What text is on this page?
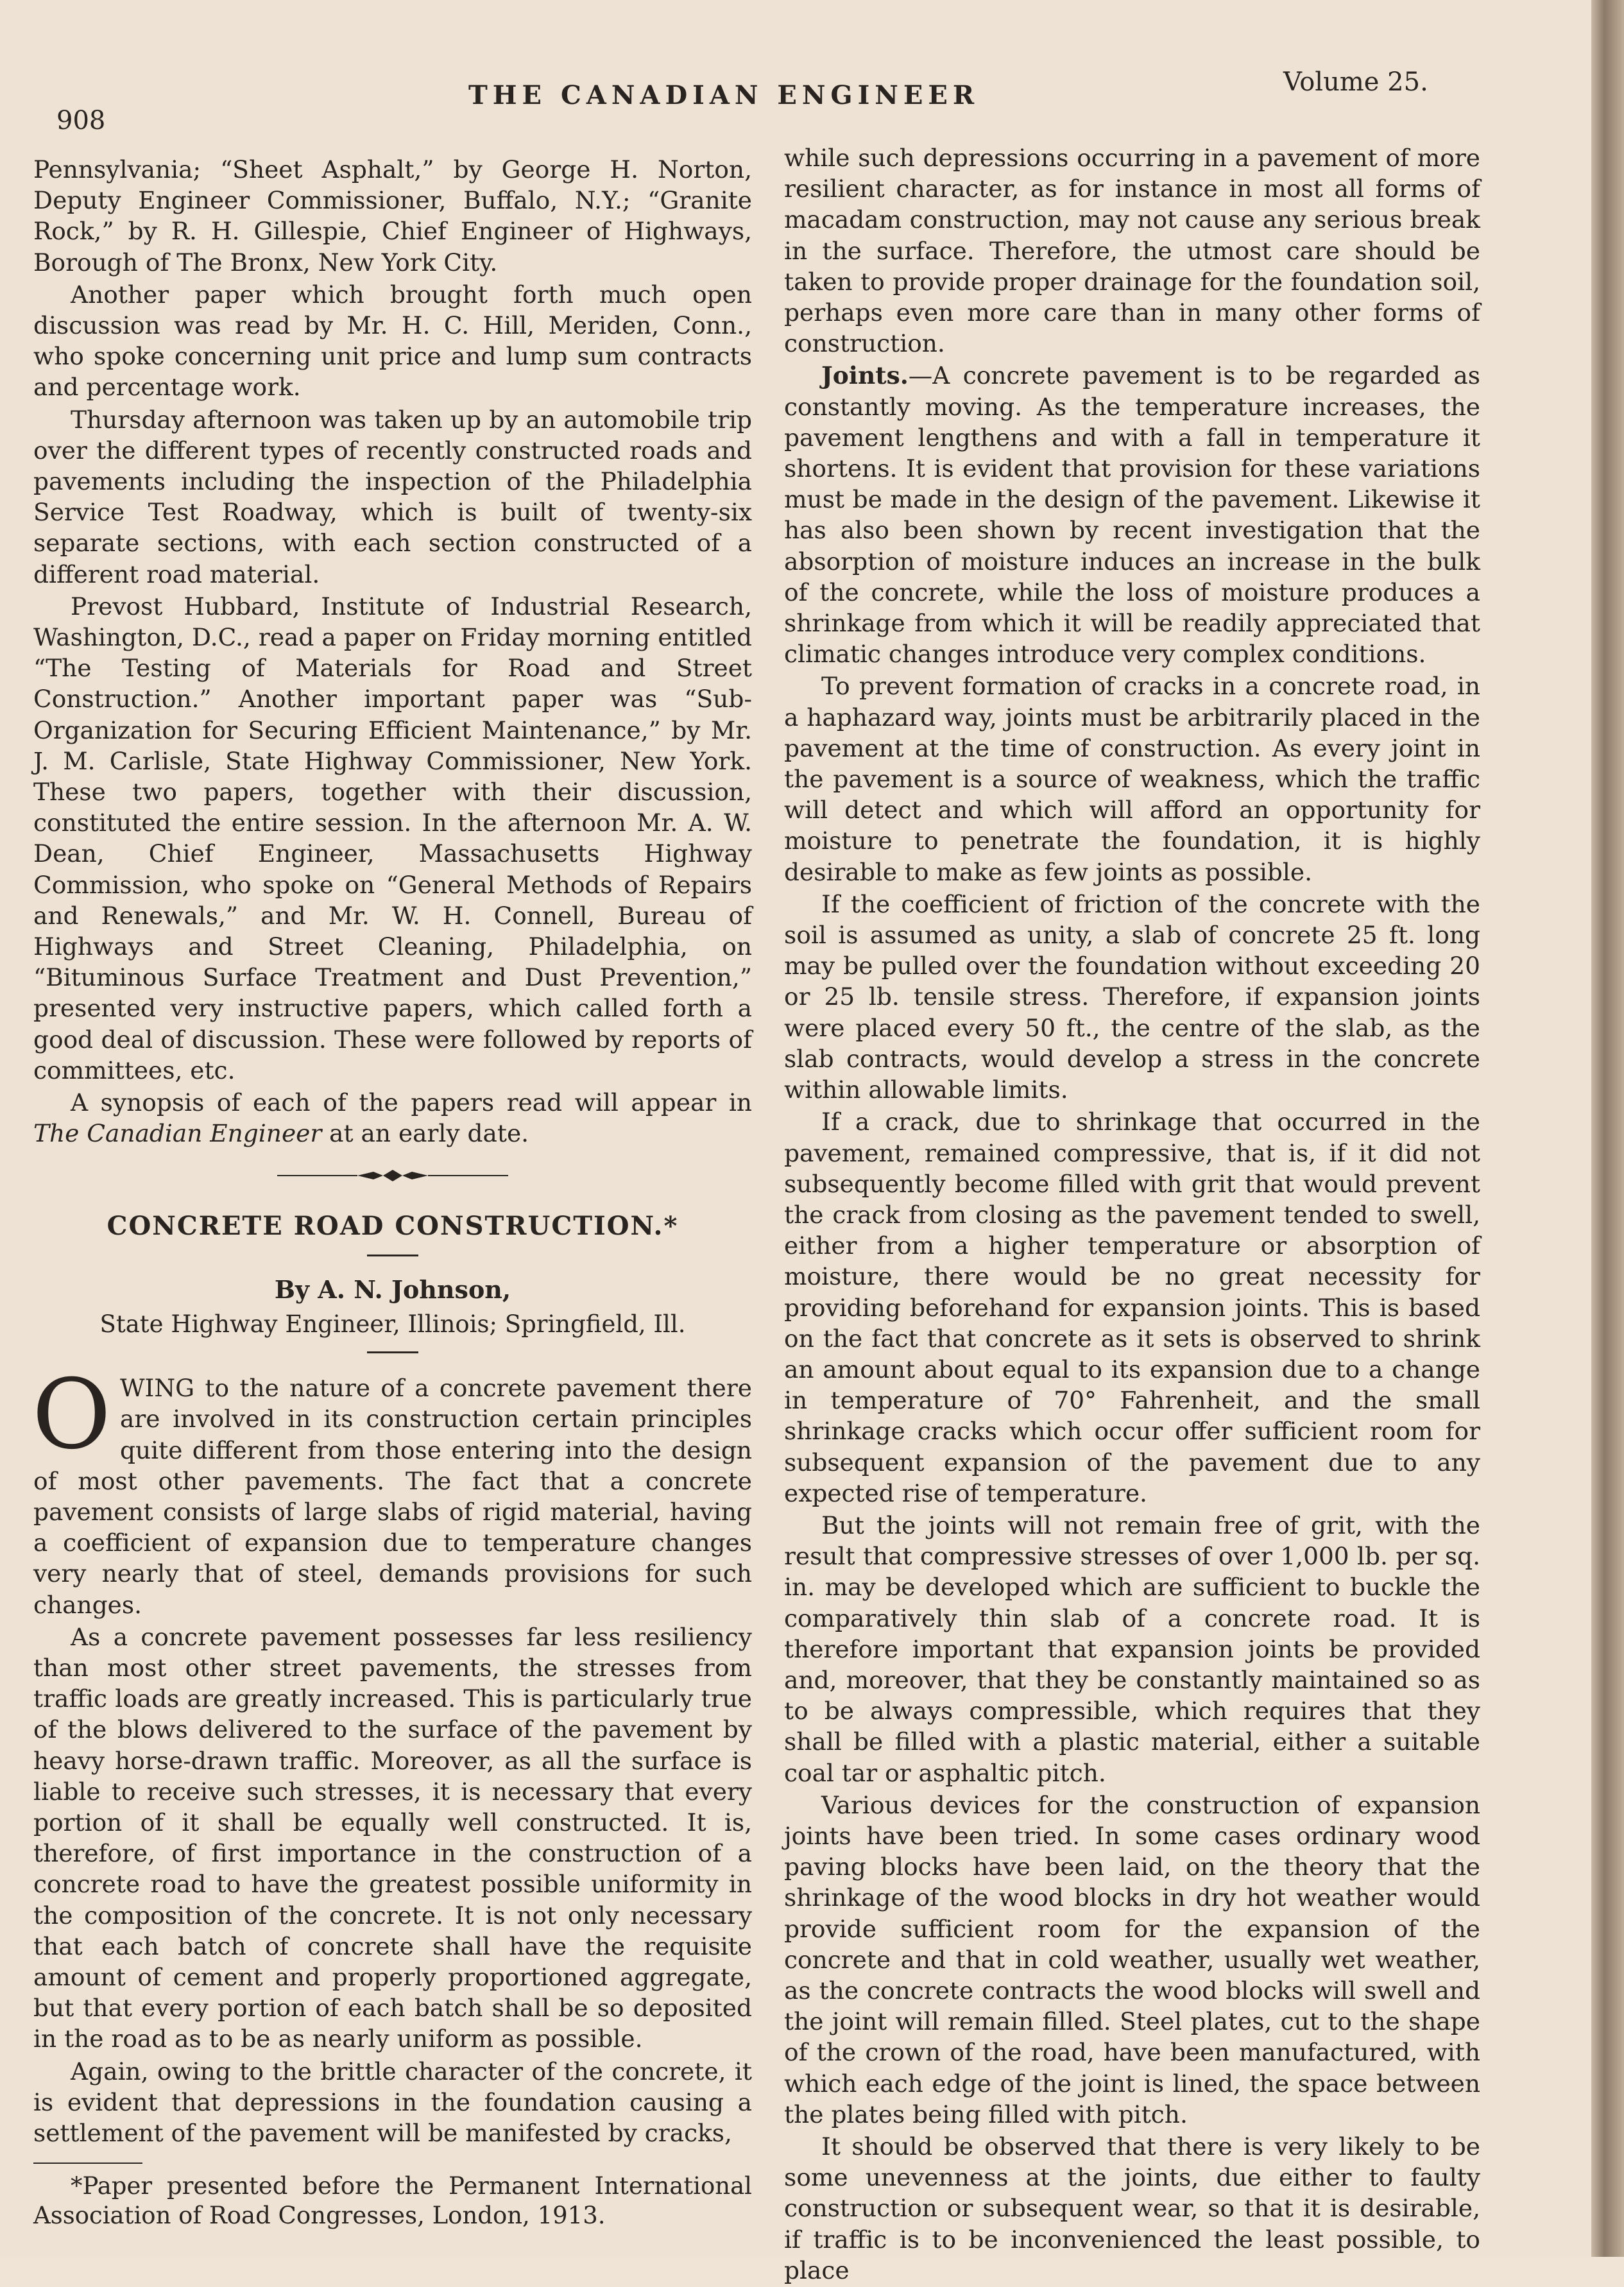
908
THE CANADIAN ENGINEER	Volume 25.

Pennsylvania; “Sheet Asphalt,” by George H. Norton, Deputy Engineer Commissioner, Buffalo, N.Y.; “Granite Rock,” by R. H. Gillespie, Chief Engineer of Highways, Borough of The Bronx, New York City.

Another paper which brought forth much open discussion was read by Mr. H. C. Hill, Meriden, Conn., who spoke concerning unit price and lump sum contracts and percentage work.

Thursday afternoon was taken up by an automobile trip over the different types of recently constructed roads and pavements including the inspection of the Philadelphia Service Test Roadway, which is built of twenty-six separate sections, with each section constructed of a different road material.

Prevost Hubbard, Institute of Industrial Research, Washington, D.C., read a paper on Friday morning entitled “The Testing of Materials for Road and Street Construction.” Another important paper was “Sub-Organization for Securing Efficient Maintenance,” by Mr. J. M. Carlisle, State Highway Commissioner, New York. These two papers, together with their discussion, constituted the entire session. In the afternoon Mr. A. W. Dean, Chief Engineer, Massachusetts Highway Commission, who spoke on “General Methods of Repairs and Renewals,” and Mr. W. H. Connell, Bureau of Highways and Street Cleaning, Philadelphia, on “Bituminous Surface Treatment and Dust Prevention,” presented very instructive papers, which called forth a good deal of discussion. These were followed by reports of committees, etc.

A synopsis of each of the papers read will appear in The Canadian Engineer at an early date.

CONCRETE ROAD CONSTRUCTION.*
By A. N. Johnson,
State Highway Engineer, Illinois; Springfield, Ill.

OWING to the nature of a concrete pavement there are involved in its construction certain principles quite different from those entering into the design of most other pavements. The fact that a concrete pavement consists of large slabs of rigid material, having a coefficient of expansion due to temperature changes very nearly that of steel, demands provisions for such changes.

As a concrete pavement possesses far less resiliency than most other street pavements, the stresses from traffic loads are greatly increased. This is particularly true of the blows delivered to the surface of the pavement by heavy horse-drawn traffic. Moreover, as all the surface is liable to receive such stresses, it is necessary that every portion of it shall be equally well constructed. It is, therefore, of first importance in the construction of a concrete road to have the greatest possible uniformity in the composition of the concrete. It is not only necessary that each batch of concrete shall have the requisite amount of cement and properly proportioned aggregate, but that every portion of each batch shall be so deposited in the road as to be as nearly uniform as possible.

Again, owing to the brittle character of the concrete, it is evident that depressions in the foundation causing a settlement of the pavement will be manifested by cracks,

*Paper presented before the Permanent International Association of Road Congresses, London, 1913.

while such depressions occurring in a pavement of more resilient character, as for instance in most all forms of macadam construction, may not cause any serious break in the surface. Therefore, the utmost care should be taken to provide proper drainage for the foundation soil, perhaps even more care than in many other forms of construction.

Joints.—A concrete pavement is to be regarded as constantly moving. As the temperature increases, the pavement lengthens and with a fall in temperature it shortens. It is evident that provision for these variations must be made in the design of the pavement. Likewise it has also been shown by recent investigation that the absorption of moisture induces an increase in the bulk of the concrete, while the loss of moisture produces a shrinkage from which it will be readily appreciated that climatic changes introduce very complex conditions.

To prevent formation of cracks in a concrete road, in a haphazard way, joints must be arbitrarily placed in the pavement at the time of construction. As every joint in the pavement is a source of weakness, which the traffic will detect and which will afford an opportunity for moisture to penetrate the foundation, it is highly desirable to make as few joints as possible.

If the coefficient of friction of the concrete with the soil is assumed as unity, a slab of concrete 25 ft. long may be pulled over the foundation without exceeding 20 or 25 lb. tensile stress. Therefore, if expansion joints were placed every 50 ft., the centre of the slab, as the slab contracts, would develop a stress in the concrete within allowable limits.

If a crack, due to shrinkage that occurred in the pavement, remained compressive, that is, if it did not subsequently become filled with grit that would prevent the crack from closing as the pavement tended to swell, either from a higher temperature or absorption of moisture, there would be no great necessity for providing beforehand for expansion joints. This is based on the fact that concrete as it sets is observed to shrink an amount about equal to its expansion due to a change in temperature of 70° Fahrenheit, and the small shrinkage cracks which occur offer sufficient room for subsequent expansion of the pavement due to any expected rise of temperature.

But the joints will not remain free of grit, with the result that compressive stresses of over 1,000 lb. per sq. in. may be developed which are sufficient to buckle the comparatively thin slab of a concrete road. It is therefore important that expansion joints be provided and, moreover, that they be constantly maintained so as to be always compressible, which requires that they shall be filled with a plastic material, either a suitable coal tar or asphaltic pitch.

Various devices for the construction of expansion joints have been tried. In some cases ordinary wood paving blocks have been laid, on the theory that the shrinkage of the wood blocks in dry hot weather would provide sufficient room for the expansion of the concrete and that in cold weather, usually wet weather, as the concrete contracts the wood blocks will swell and the joint will remain filled. Steel plates, cut to the shape of the crown of the road, have been manufactured, with which each edge of the joint is lined, the space between the plates being filled with pitch.

It should be observed that there is very likely to be some unevenness at the joints, due either to faulty construction or subsequent wear, so that it is desirable, if traffic is to be inconvenienced the least possible, to place
